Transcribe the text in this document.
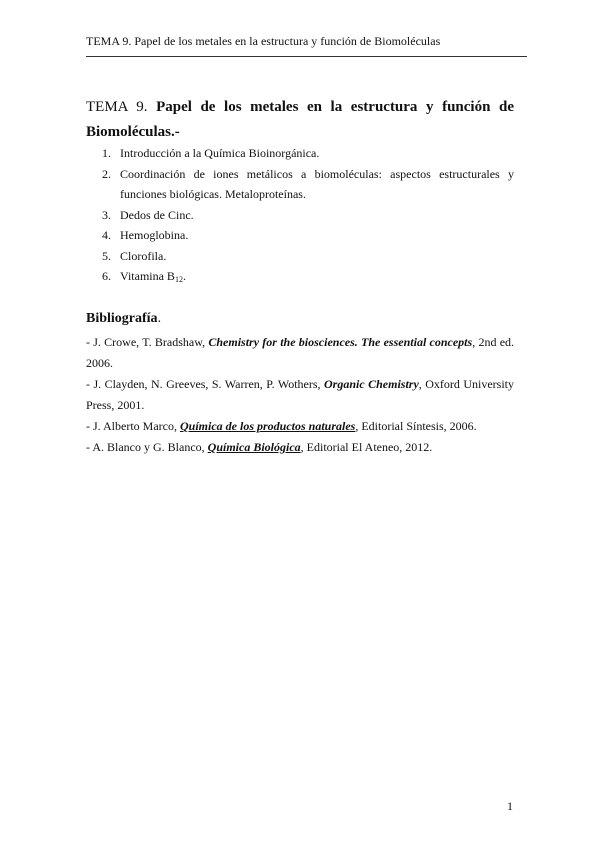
TEMA 9. Papel de los metales en la estructura y función de Biomoléculas
TEMA 9. Papel de los metales en la estructura y función de Biomoléculas.-
1. Introducción a la Química Bioinorgánica.
2. Coordinación de iones metálicos a biomoléculas: aspectos estructurales y funciones biológicas. Metaloproteínas.
3. Dedos de Cinc.
4. Hemoglobina.
5. Clorofila.
6. Vitamina $B_{12}$.
Bibliografía.

- J. Crowe, T. Bradshaw, Chemistry for the biosciences. The essential concepts, 2nd ed. 2006.

- J. Clayden, N. Greeves, S. Warren, P. Wothers, Organic Chemistry, Oxford University Press, 2001.

- J. Alberto Marco, Química de los productos naturales, Editorial Síntesis, 2006.

- A. Blanco y G. Blanco, Química Biológica, Editorial El Ateneo, 2012.

1
